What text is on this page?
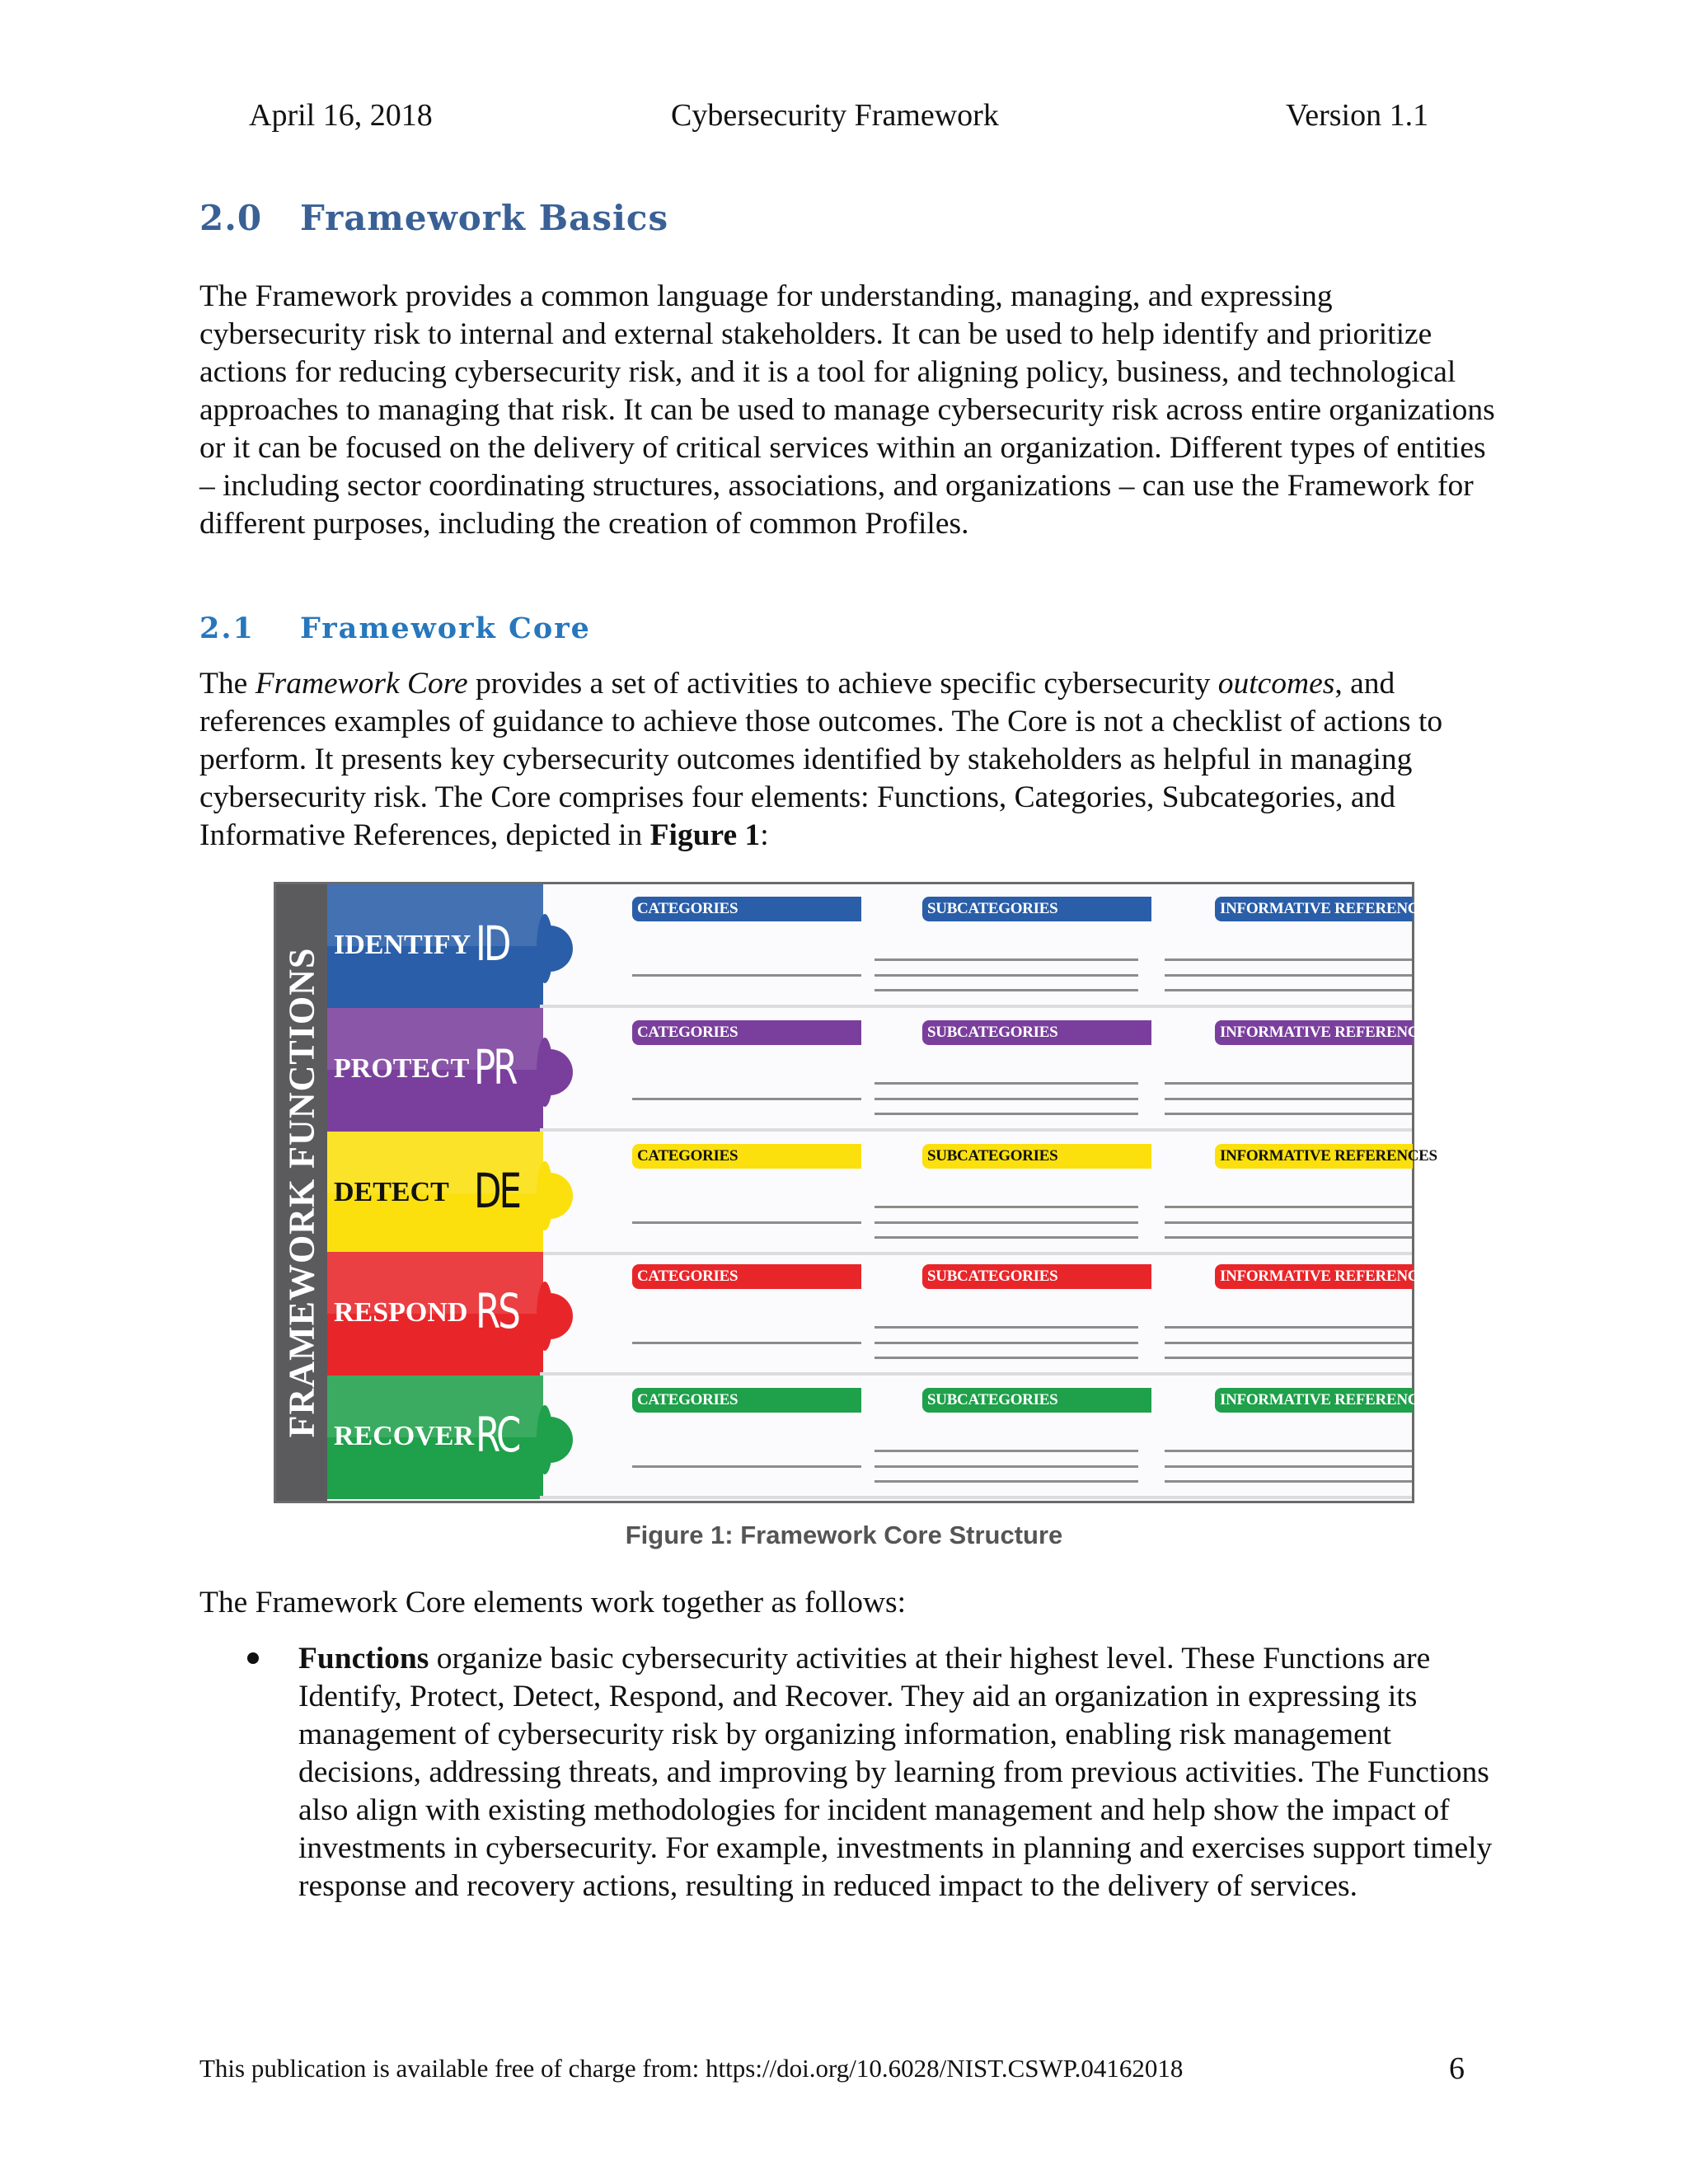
April 16, 2018	Cybersecurity Framework	Version 1.1
2.0 Framework Basics

The Framework provides a common language for understanding, managing, and expressing cybersecurity risk to internal and external stakeholders. It can be used to help identify and prioritize actions for reducing cybersecurity risk, and it is a tool for aligning policy, business, and technological approaches to managing that risk. It can be used to manage cybersecurity risk across entire organizations or it can be focused on the delivery of critical services within an organization. Different types of entities – including sector coordinating structures, associations, and organizations – can use the Framework for different purposes, including the creation of common Profiles.

2.1 Framework Core

The Framework Core provides a set of activities to achieve specific cybersecurity outcomes, and references examples of guidance to achieve those outcomes. The Core is not a checklist of actions to perform. It presents key cybersecurity outcomes identified by stakeholders as helpful in managing cybersecurity risk. The Core comprises four elements: Functions, Categories, Subcategories, and Informative References, depicted in Figure 1:

FRAMEWORK FUNCTIONS
IDENTIFY ID
CATEGORIES	SUBCATEGORIES	INFORMATIVE REFERENCES
PROTECT PR
CATEGORIES	SUBCATEGORIES	INFORMATIVE REFERENCES
DETECT DE
CATEGORIES	SUBCATEGORIES	INFORMATIVE REFERENCES
RESPOND RS
CATEGORIES	SUBCATEGORIES	INFORMATIVE REFERENCES
RECOVER RC
CATEGORIES	SUBCATEGORIES	INFORMATIVE REFERENCES
Figure 1: Framework Core Structure
The Framework Core elements work together as follows:
Functions organize basic cybersecurity activities at their highest level. These Functions are Identify, Protect, Detect, Respond, and Recover. They aid an organization in expressing its management of cybersecurity risk by organizing information, enabling risk management decisions, addressing threats, and improving by learning from previous activities. The Functions also align with existing methodologies for incident management and help show the impact of investments in cybersecurity. For example, investments in planning and exercises support timely response and recovery actions, resulting in reduced impact to the delivery of services.
This publication is available free of charge from: https://doi.org/10.6028/NIST.CSWP.04162018	6
